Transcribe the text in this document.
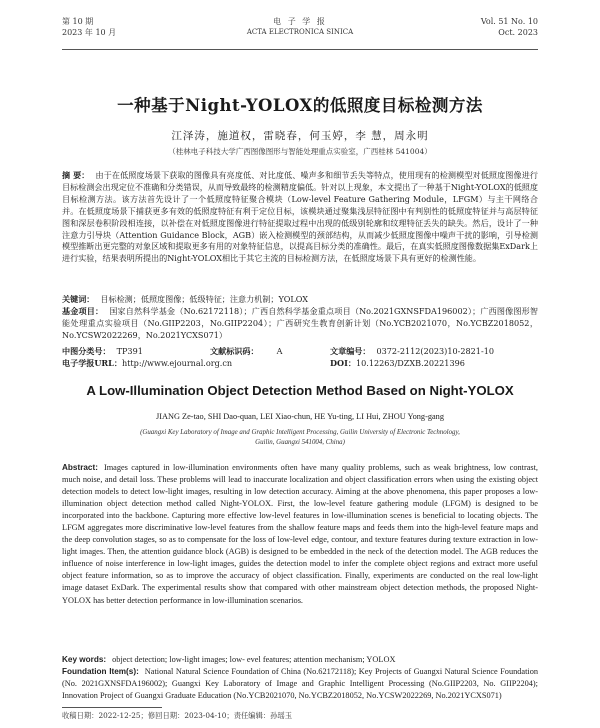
第 10 期
2023 年 10 月
电 子 学 报
ACTA ELECTRONICA SINICA
Vol. 51 No. 10
Oct. 2023
一种基于Night-YOLOX的低照度目标检测方法
江泽涛，施道权，雷晓春，何玉婷，李 慧，周永明
（桂林电子科技大学广西图像图形与智能处理重点实验室，广西桂林 541004）
摘 要： 由于在低照度场景下获取的图像具有亮度低、对比度低、噪声多和细节丢失等特点，使用现有的检测模型对低照度图像进行目标检测会出现定位不准确和分类错误，从而导致最终的检测精度偏低。针对以上现象，本文提出了一种基于Night-YOLOX的低照度目标检测方法。该方法首先设计了一个低照度特征聚合模块（Low-level Feature Gathering Module，LFGM）与主干网络合并。在低照度场景下捕获更多有效的低照度特征有利于定位目标，该模块通过聚集浅层特征图中有判别性的低照度特征并与高层特征图和深层卷积阶段相连接，以补偿在对低照度图像进行特征提取过程中出现的低级别轮廓和纹理特征丢失的缺失。然后，设计了一种注意力引导块（Attention Guidance Block，AGB）嵌入检测模型的颈部结构，从而减少低照度图像中噪声干扰的影响，引导检测模型推断出更完整的对象区域和提取更多有用的对象特征信息，以提高目标分类的准确性。最后，在真实低照度图像数据集ExDark上进行实验，结果表明所提出的Night-YOLOX相比于其它主流的目标检测方法，在低照度场景下具有更好的检测性能。
关键词： 目标检测；低照度图像；低级特征；注意力机制；YOLOX
基金项目： 国家自然科学基金（No.62172118）；广西自然科学基金重点项目（No.2021GXNSFDA196002）；广西图像图形智能处理重点实验项目（No.GIIP2203，No.GIIP2204）；广西研究生教育创新计划（No.YCB2021070，No.YCBZ2018052，No.YCSW2022269，No.2021YCXS071）
中图分类号： TP391	文献标识码： A	文章编号： 0372-2112(2023)10-2821-10
电子学报URL：http://www.ejournal.org.cn	DOI：10.12263/DZXB.20221396
A Low-Illumination Object Detection Method Based on Night-YOLOX
JIANG Ze-tao, SHI Dao-quan, LEI Xiao-chun, HE Yu-ting, LI Hui, ZHOU Yong-gang
(Guangxi Key Laboratory of Image and Graphic Intelligent Processing, Guilin University of Electronic Technology,
Guilin, Guangxi 541004, China)
Abstract: Images captured in low-illumination environments often have many quality problems, such as weak brightness, low contrast, much noise, and detail loss. These problems will lead to inaccurate localization and object classification errors when using the existing object detection models to detect low-light images, resulting in low detection accuracy. Aiming at the above phenomena, this paper proposes a low-illumination object detection method called Night-YOLOX. First, the low-level feature gathering module (LFGM) is designed to be incorporated into the backbone. Capturing more effective low-level features in low-illumination scenes is beneficial to locating objects. The LFGM aggregates more discriminative low-level features from the shallow feature maps and feeds them into the high-level feature maps and the deep convolution stages, so as to compensate for the loss of low-level edge, contour, and texture features during texture extraction in low-light images. Then, the attention guidance block (AGB) is designed to be embedded in the neck of the detection model. The AGB reduces the influence of noise interference in low-light images, guides the detection model to infer the complete object regions and extract more useful object feature information, so as to improve the accuracy of object classification. Finally, experiments are conducted on the real low-light image dataset ExDark. The experimental results show that compared with other mainstream object detection methods, the proposed Night-YOLOX has better detection performance in low-illumination scenarios.
Key words: object detection; low-light images; low- evel features; attention mechanism; YOLOX
Foundation Item(s): National Natural Science Foundation of China (No.62172118); Key Projects of Guangxi Natural Science Foundation (No. 2021GXNSFDA196002); Guangxi Key Laboratory of Image and Graphic Intelligent Processing (No.GIIP2203, No. GIIP2204); Innovation Project of Guangxi Graduate Education (No.YCB2021070, No.YCBZ2018052, No.YCSW2022269, No.2021YCXS071)
收稿日期：2022-12-25；修回日期：2023-04-10；责任编辑：孙瑶玉
